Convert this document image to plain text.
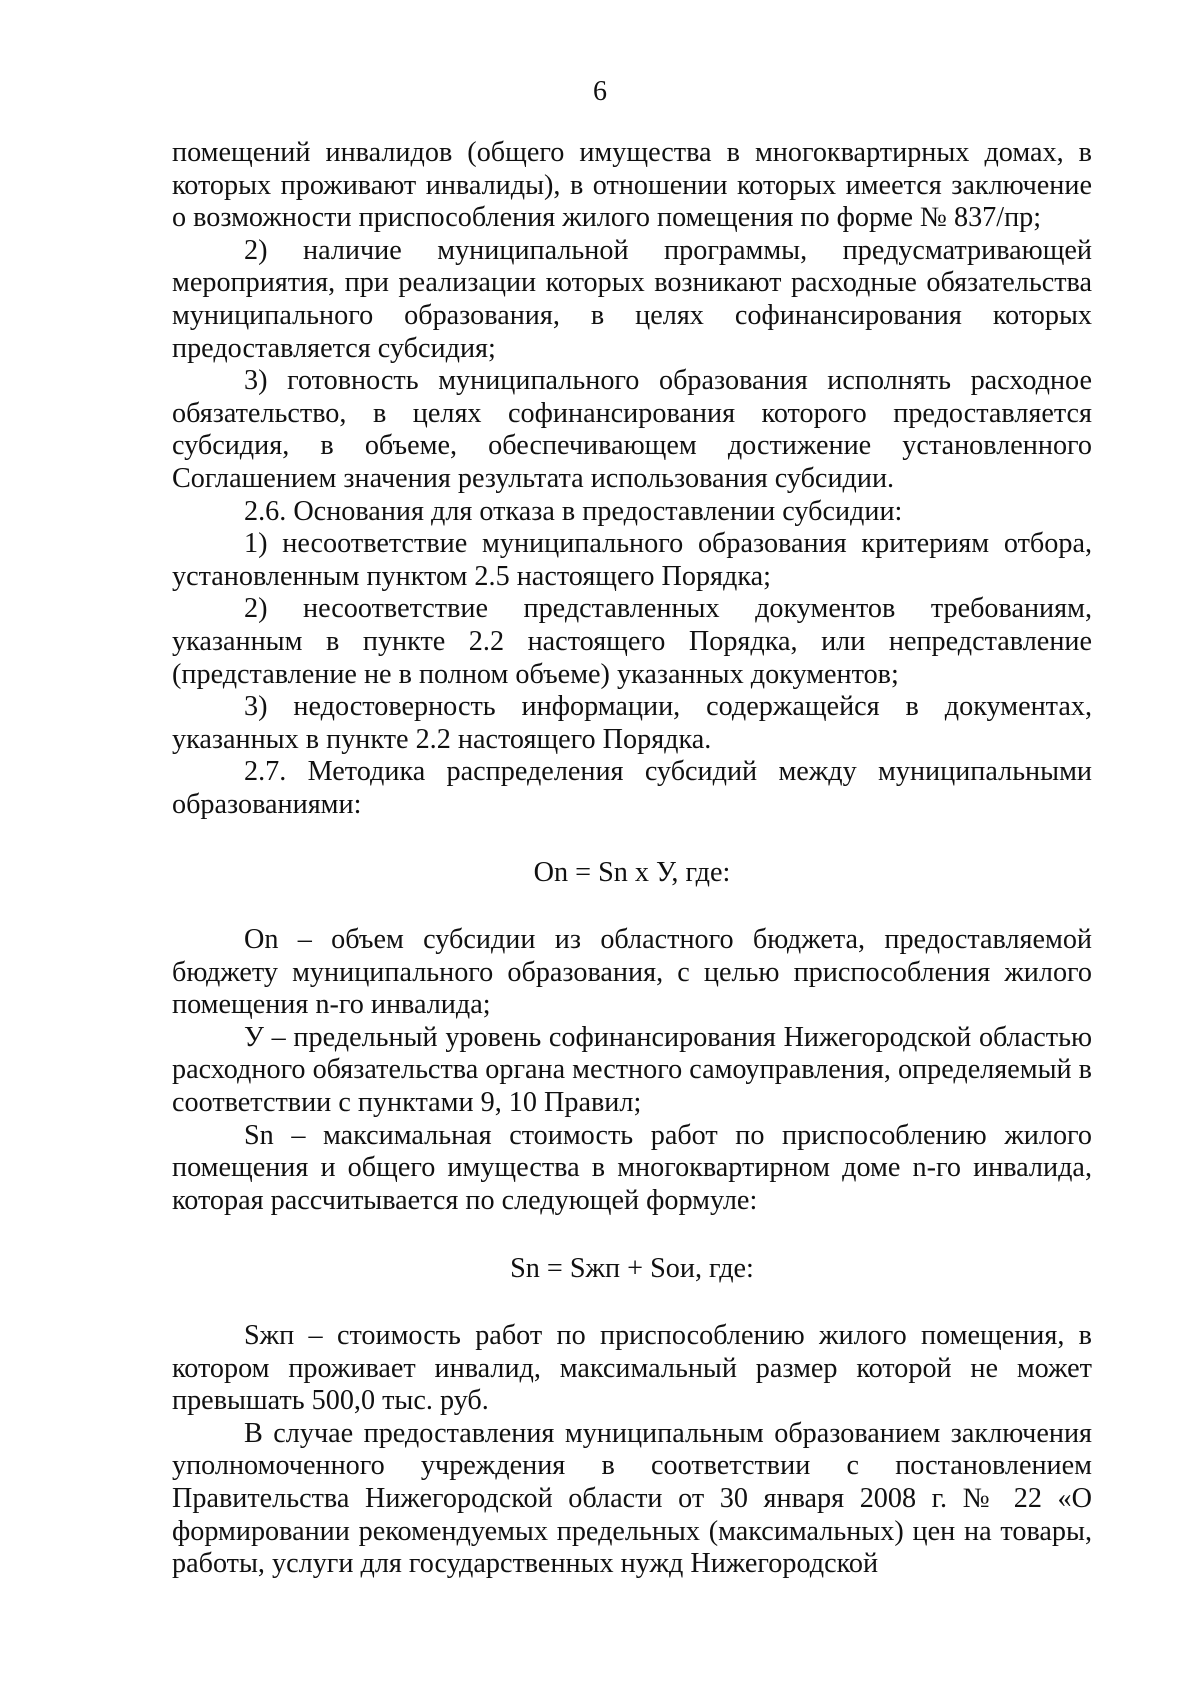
6

помещений инвалидов (общего имущества в многоквартирных домах, в которых проживают инвалиды), в отношении которых имеется заключение о возможности приспособления жилого помещения по форме № 837/пр;

2) наличие муниципальной программы, предусматривающей мероприятия, при реализации которых возникают расходные обязательства муниципального образования, в целях софинансирования которых предоставляется субсидия;

3) готовность муниципального образования исполнять расходное обязательство, в целях софинансирования которого предоставляется субсидия, в объеме, обеспечивающем достижение установленного Соглашением значения результата использования субсидии.

2.6. Основания для отказа в предоставлении субсидии:

1) несоответствие муниципального образования критериям отбора, установленным пунктом 2.5 настоящего Порядка;

2) несоответствие представленных документов требованиям, указанным в пункте 2.2 настоящего Порядка, или непредставление (представление не в полном объеме) указанных документов;

3) недостоверность информации, содержащейся в документах, указанных в пункте 2.2 настоящего Порядка.

2.7. Методика распределения субсидий между муниципальными образованиями:

On = Sn x У, где:

On – объем субсидии из областного бюджета, предоставляемой бюджету муниципального образования, с целью приспособления жилого помещения n-го инвалида;

У – предельный уровень софинансирования Нижегородской областью расходного обязательства органа местного самоуправления, определяемый в соответствии с пунктами 9, 10 Правил;

Sn – максимальная стоимость работ по приспособлению жилого помещения и общего имущества в многоквартирном доме n-го инвалида, которая рассчитывается по следующей формуле:

Sn = Sжп + Sои, где:

Sжп – стоимость работ по приспособлению жилого помещения, в котором проживает инвалид, максимальный размер которой не может превышать 500,0 тыс. руб.

В случае предоставления муниципальным образованием заключения уполномоченного учреждения в соответствии с постановлением Правительства Нижегородской области от 30 января 2008 г. № 22 «О формировании рекомендуемых предельных (максимальных) цен на товары, работы, услуги для государственных нужд Нижегородской
